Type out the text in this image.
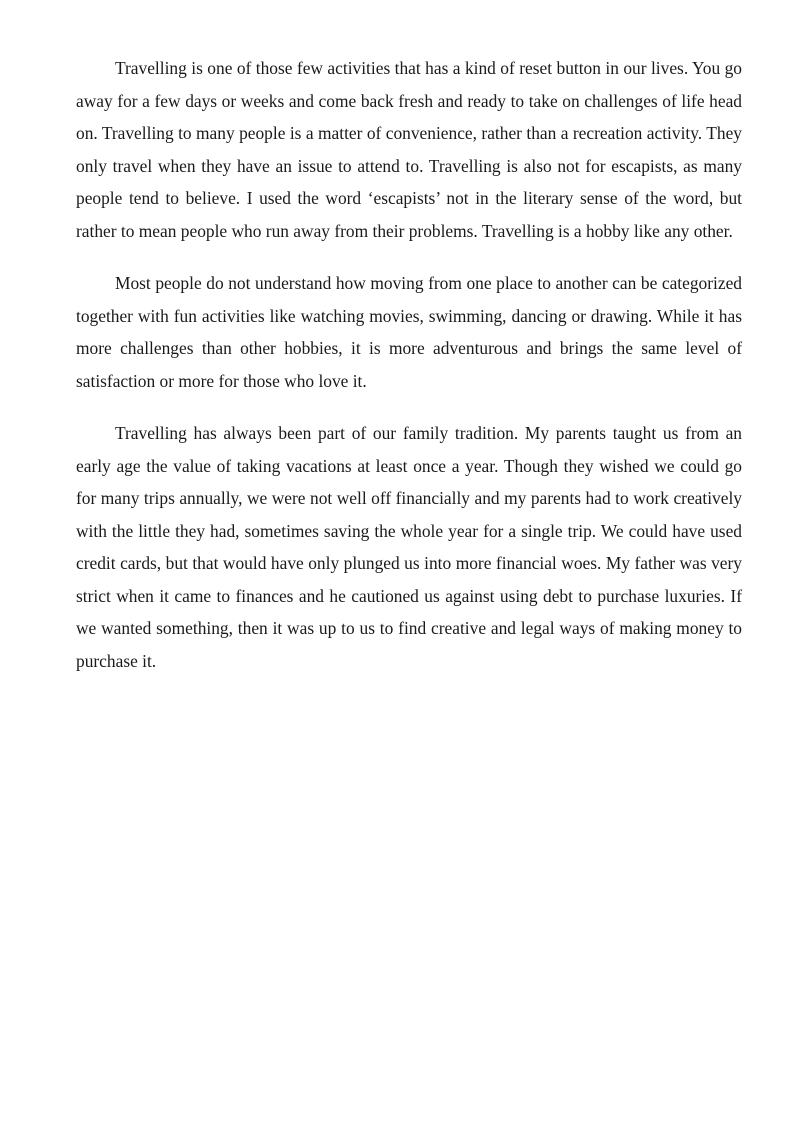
Travelling is one of those few activities that has a kind of reset button in our lives. You go away for a few days or weeks and come back fresh and ready to take on challenges of life head on. Travelling to many people is a matter of convenience, rather than a recreation activity. They only travel when they have an issue to attend to. Travelling is also not for escapists, as many people tend to believe. I used the word ‘escapists’ not in the literary sense of the word, but rather to mean people who run away from their problems. Travelling is a hobby like any other.

Most people do not understand how moving from one place to another can be categorized together with fun activities like watching movies, swimming, dancing or drawing. While it has more challenges than other hobbies, it is more adventurous and brings the same level of satisfaction or more for those who love it.

Travelling has always been part of our family tradition. My parents taught us from an early age the value of taking vacations at least once a year. Though they wished we could go for many trips annually, we were not well off financially and my parents had to work creatively with the little they had, sometimes saving the whole year for a single trip. We could have used credit cards, but that would have only plunged us into more financial woes. My father was very strict when it came to finances and he cautioned us against using debt to purchase luxuries. If we wanted something, then it was up to us to find creative and legal ways of making money to purchase it.
